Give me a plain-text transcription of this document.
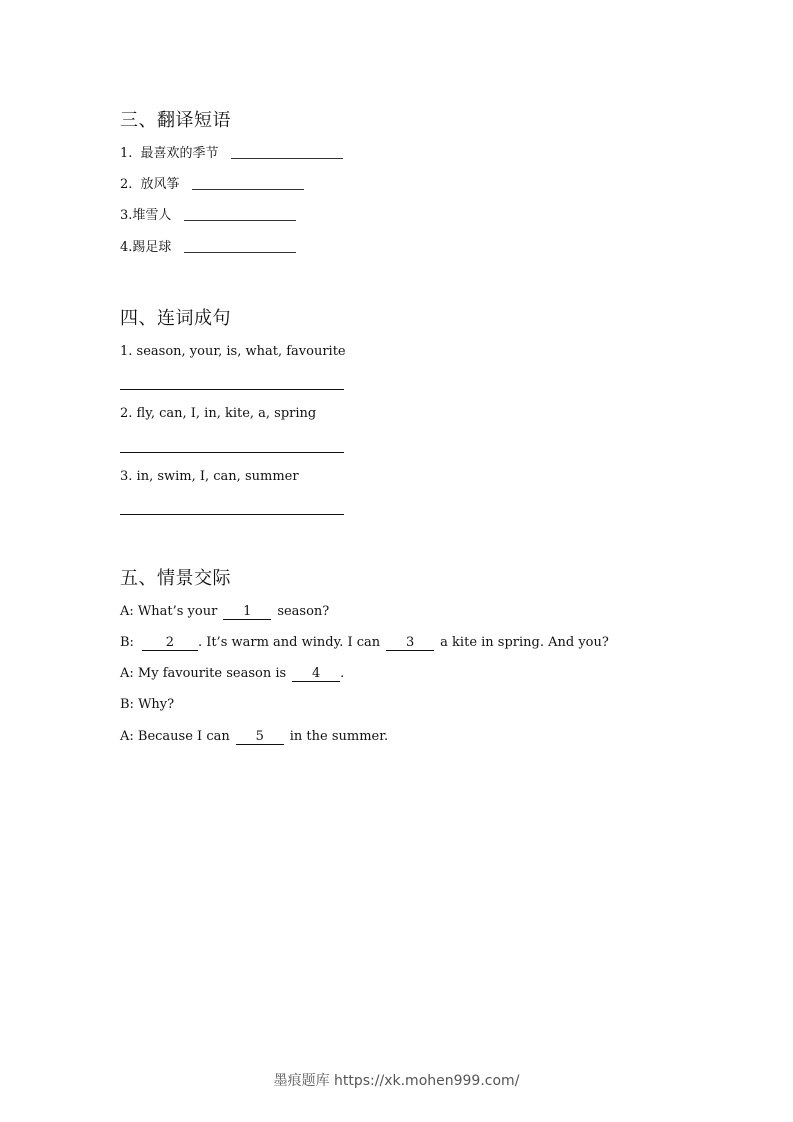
三、翻译短语
1. 最喜欢的季节
2. 放风筝
3.堆雪人
4.踢足球
四、连词成句
1. season, your, is, what, favourite
2. fly, can, I, in, kite, a, spring
3. in, swim, I, can, summer
五、情景交际
A: What’s your 1 season?
B: 2 . It’s warm and windy. I can 3 a kite in spring. And you?
A: My favourite season is 4 .
B: Why?
A: Because I can 5 in the summer.
墨痕题库 https://xk.mohen999.com/
